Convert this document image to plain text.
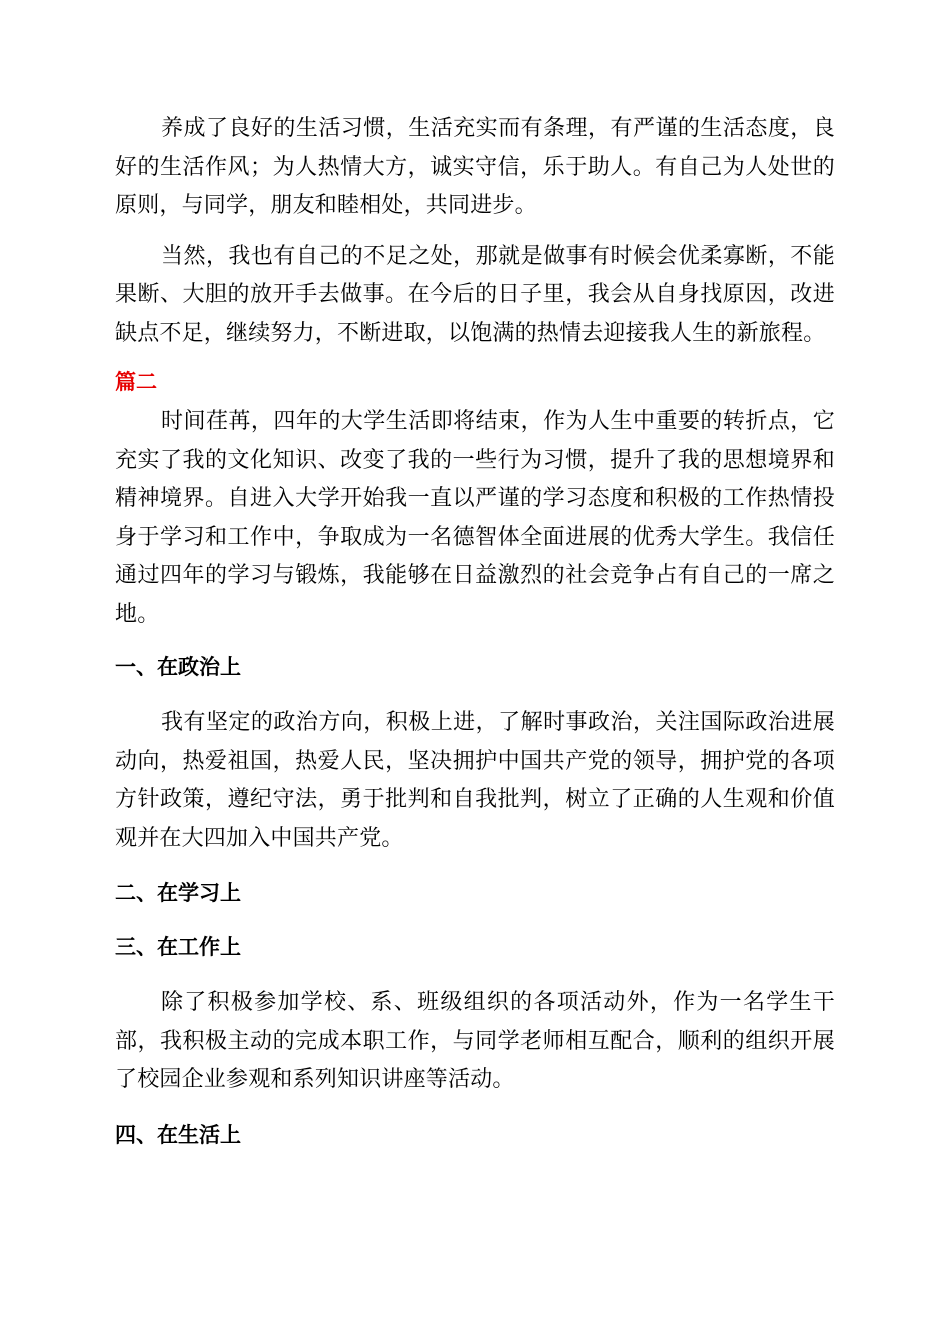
养成了良好的生活习惯，生活充实而有条理，有严谨的生活态度，良好的生活作风；为人热情大方，诚实守信，乐于助人。有自己为人处世的原则，与同学，朋友和睦相处，共同进步。

当然，我也有自己的不足之处，那就是做事有时候会优柔寡断，不能果断、大胆的放开手去做事。在今后的日子里，我会从自身找原因，改进缺点不足，继续努力，不断进取，以饱满的热情去迎接我人生的新旅程。

篇二

时间荏苒，四年的大学生活即将结束，作为人生中重要的转折点，它充实了我的文化知识、改变了我的一些行为习惯，提升了我的思想境界和精神境界。自进入大学开始我一直以严谨的学习态度和积极的工作热情投身于学习和工作中，争取成为一名德智体全面进展的优秀大学生。我信任通过四年的学习与锻炼，我能够在日益激烈的社会竞争占有自己的一席之地。

一、在政治上

我有坚定的政治方向，积极上进，了解时事政治，关注国际政治进展动向，热爱祖国，热爱人民，坚决拥护中国共产党的领导，拥护党的各项方针政策，遵纪守法，勇于批判和自我批判，树立了正确的人生观和价值观并在大四加入中国共产党。

二、在学习上
三、在工作上

除了积极参加学校、系、班级组织的各项活动外，作为一名学生干部，我积极主动的完成本职工作，与同学老师相互配合，顺利的组织开展了校园企业参观和系列知识讲座等活动。

四、在生活上
